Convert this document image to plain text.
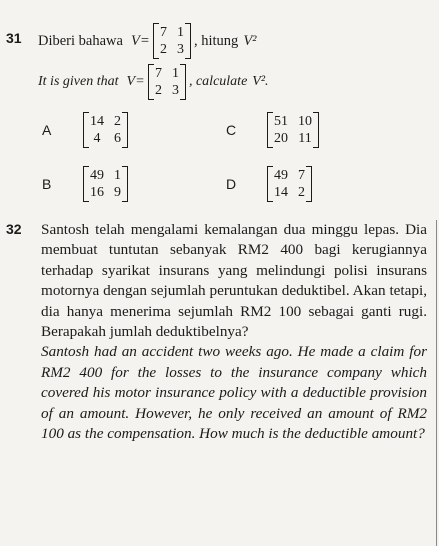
31 Diberi bahawa V = 7 1
2 3
, hitung V²
It is given that V =
7 1
2 3
, calculate V².
A
14 2
4 6
C
51 10
20 11
B
49 1
16 9
D
49 7
14 2
32 Santosh telah mengalami kemalangan dua minggu lepas. Dia membuat tuntutan sebanyak RM2 400 bagi kerugiannya terhadap syarikat insurans yang melindungi polisi insurans motornya dengan sejumlah peruntukan deduktibel. Akan tetapi, dia hanya menerima sejumlah RM2 100 sebagai ganti rugi. Berapakah jumlah deduktibelnya?

Santosh had an accident two weeks ago. He made a claim for RM2 400 for the losses to the insurance company which covered his motor insurance policy with a deductible provision of an amount. However, he only received an amount of RM2 100 as the compensation. How much is the deductible amount?
